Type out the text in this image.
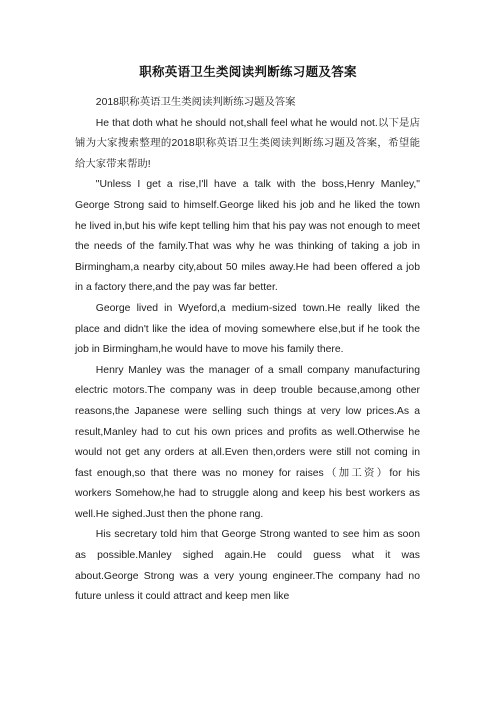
职称英语卫生类阅读判断练习题及答案

2018职称英语卫生类阅读判断练习题及答案

He that doth what he should not,shall feel what he would not.以下是店铺为大家搜索整理的2018职称英语卫生类阅读判断练习题及答案，希望能给大家带来帮助!

"Unless I get a rise,I'll have a talk with the boss,Henry Manley," George Strong said to himself.George liked his job and he liked the town he lived in,but his wife kept telling him that his pay was not enough to meet the needs of the family.That was why he was thinking of taking a job in Birmingham,a nearby city,about 50 miles away.He had been offered a job in a factory there,and the pay was far better.

George lived in Wyeford,a medium-sized town.He really liked the place and didn't like the idea of moving somewhere else,but if he took the job in Birmingham,he would have to move his family there.

Henry Manley was the manager of a small company manufacturing electric motors.The company was in deep trouble because,among other reasons,the Japanese were selling such things at very low prices.As a result,Manley had to cut his own prices and profits as well.Otherwise he would not get any orders at all.Even then,orders were still not coming in fast enough,so that there was no money for raises（加工资）for his workers Somehow,he had to struggle along and keep his best workers as well.He sighed.Just then the phone rang.

His secretary told him that George Strong wanted to see him as soon as possible.Manley sighed again.He could guess what it was about.George Strong was a very young engineer.The company had no future unless it could attract and keep men like
